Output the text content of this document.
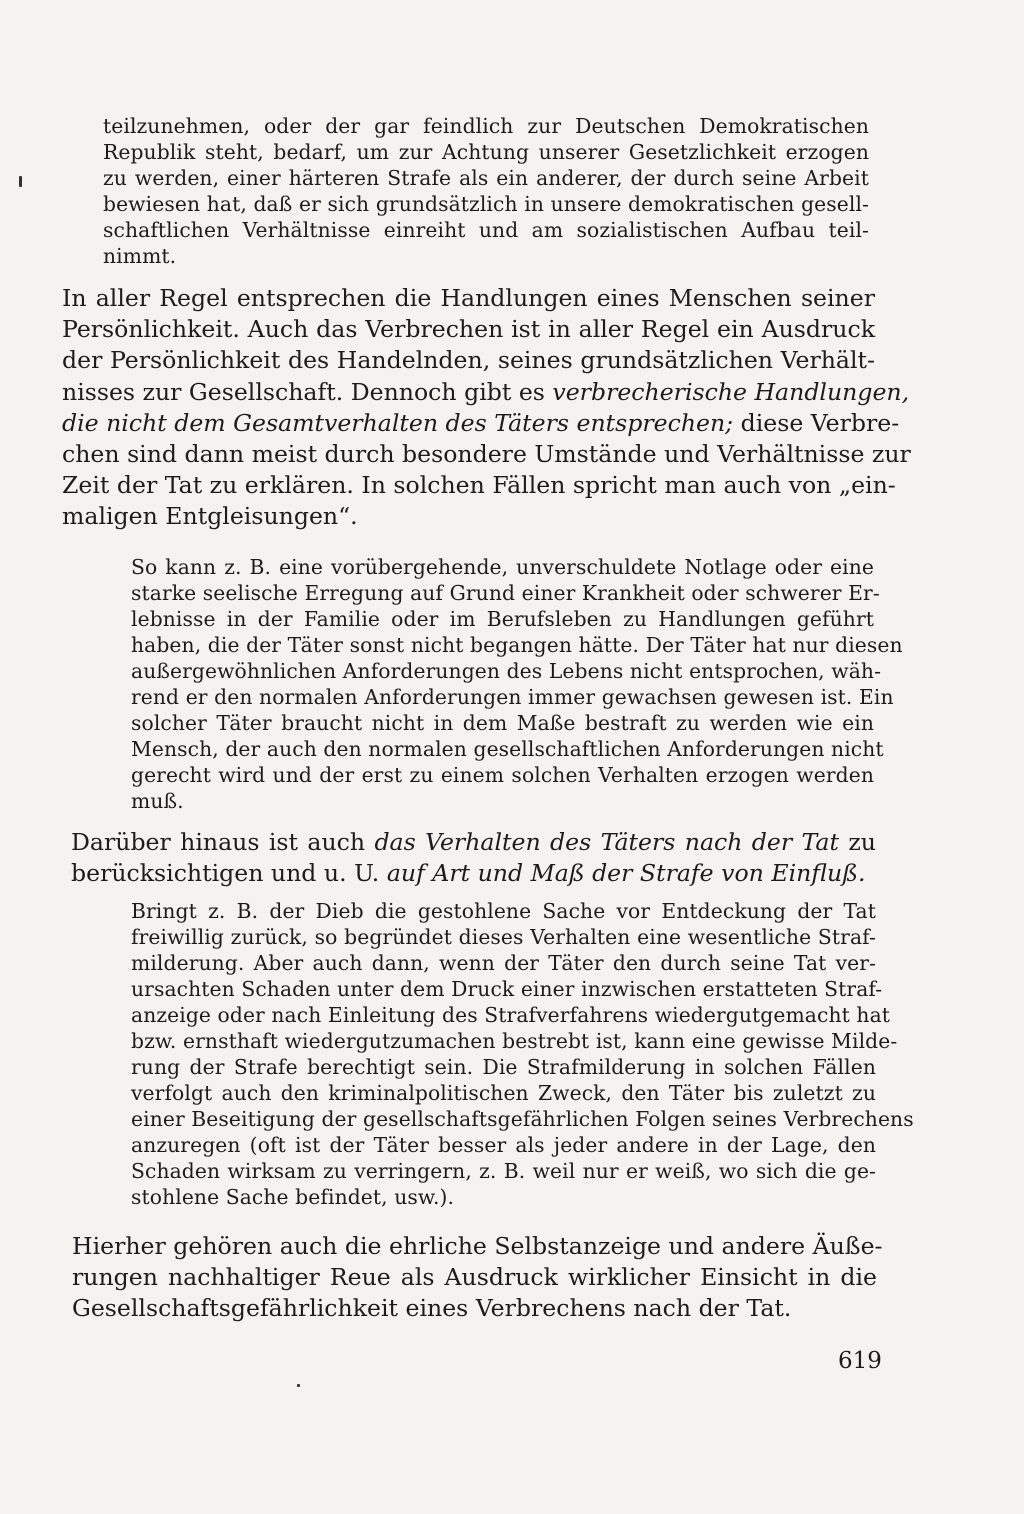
teilzunehmen, oder der gar feindlich zur Deutschen Demokratischen
Republik steht, bedarf, um zur Achtung unserer Gesetzlichkeit erzogen
zu werden, einer härteren Strafe als ein anderer, der durch seine Arbeit
bewiesen hat, daß er sich grundsätzlich in unsere demokratischen gesell-
schaftlichen Verhältnisse einreiht und am sozialistischen Aufbau teil-
nimmt.
In aller Regel entsprechen die Handlungen eines Menschen seiner
Persönlichkeit. Auch das Verbrechen ist in aller Regel ein Ausdruck
der Persönlichkeit des Handelnden, seines grundsätzlichen Verhält-
nisses zur Gesellschaft. Dennoch gibt es verbrecherische Handlungen,
die nicht dem Gesamtverhalten des Täters entsprechen; diese Verbre-
chen sind dann meist durch besondere Umstände und Verhältnisse zur
Zeit der Tat zu erklären. In solchen Fällen spricht man auch von „ein-
maligen Entgleisungen“.
So kann z. B. eine vorübergehende, unverschuldete Notlage oder eine
starke seelische Erregung auf Grund einer Krankheit oder schwerer Er-
lebnisse in der Familie oder im Berufsleben zu Handlungen geführt
haben, die der Täter sonst nicht begangen hätte. Der Täter hat nur diesen
außergewöhnlichen Anforderungen des Lebens nicht entsprochen, wäh-
rend er den normalen Anforderungen immer gewachsen gewesen ist. Ein
solcher Täter braucht nicht in dem Maße bestraft zu werden wie ein
Mensch, der auch den normalen gesellschaftlichen Anforderungen nicht
gerecht wird und der erst zu einem solchen Verhalten erzogen werden
muß.
Darüber hinaus ist auch das Verhalten des Täters nach der Tat zu
berücksichtigen und u. U. auf Art und Maß der Strafe von Einfluß.
Bringt z. B. der Dieb die gestohlene Sache vor Entdeckung der Tat
freiwillig zurück, so begründet dieses Verhalten eine wesentliche Straf-
milderung. Aber auch dann, wenn der Täter den durch seine Tat ver-
ursachten Schaden unter dem Druck einer inzwischen erstatteten Straf-
anzeige oder nach Einleitung des Strafverfahrens wiedergutgemacht hat
bzw. ernsthaft wiedergutzumachen bestrebt ist, kann eine gewisse Milde-
rung der Strafe berechtigt sein. Die Strafmilderung in solchen Fällen
verfolgt auch den kriminalpolitischen Zweck, den Täter bis zuletzt zu
einer Beseitigung der gesellschaftsgefährlichen Folgen seines Verbrechens
anzuregen (oft ist der Täter besser als jeder andere in der Lage, den
Schaden wirksam zu verringern, z. B. weil nur er weiß, wo sich die ge-
stohlene Sache befindet, usw.).
Hierher gehören auch die ehrliche Selbstanzeige und andere Äuße-
rungen nachhaltiger Reue als Ausdruck wirklicher Einsicht in die
Gesellschaftsgefährlichkeit eines Verbrechens nach der Tat.
619
